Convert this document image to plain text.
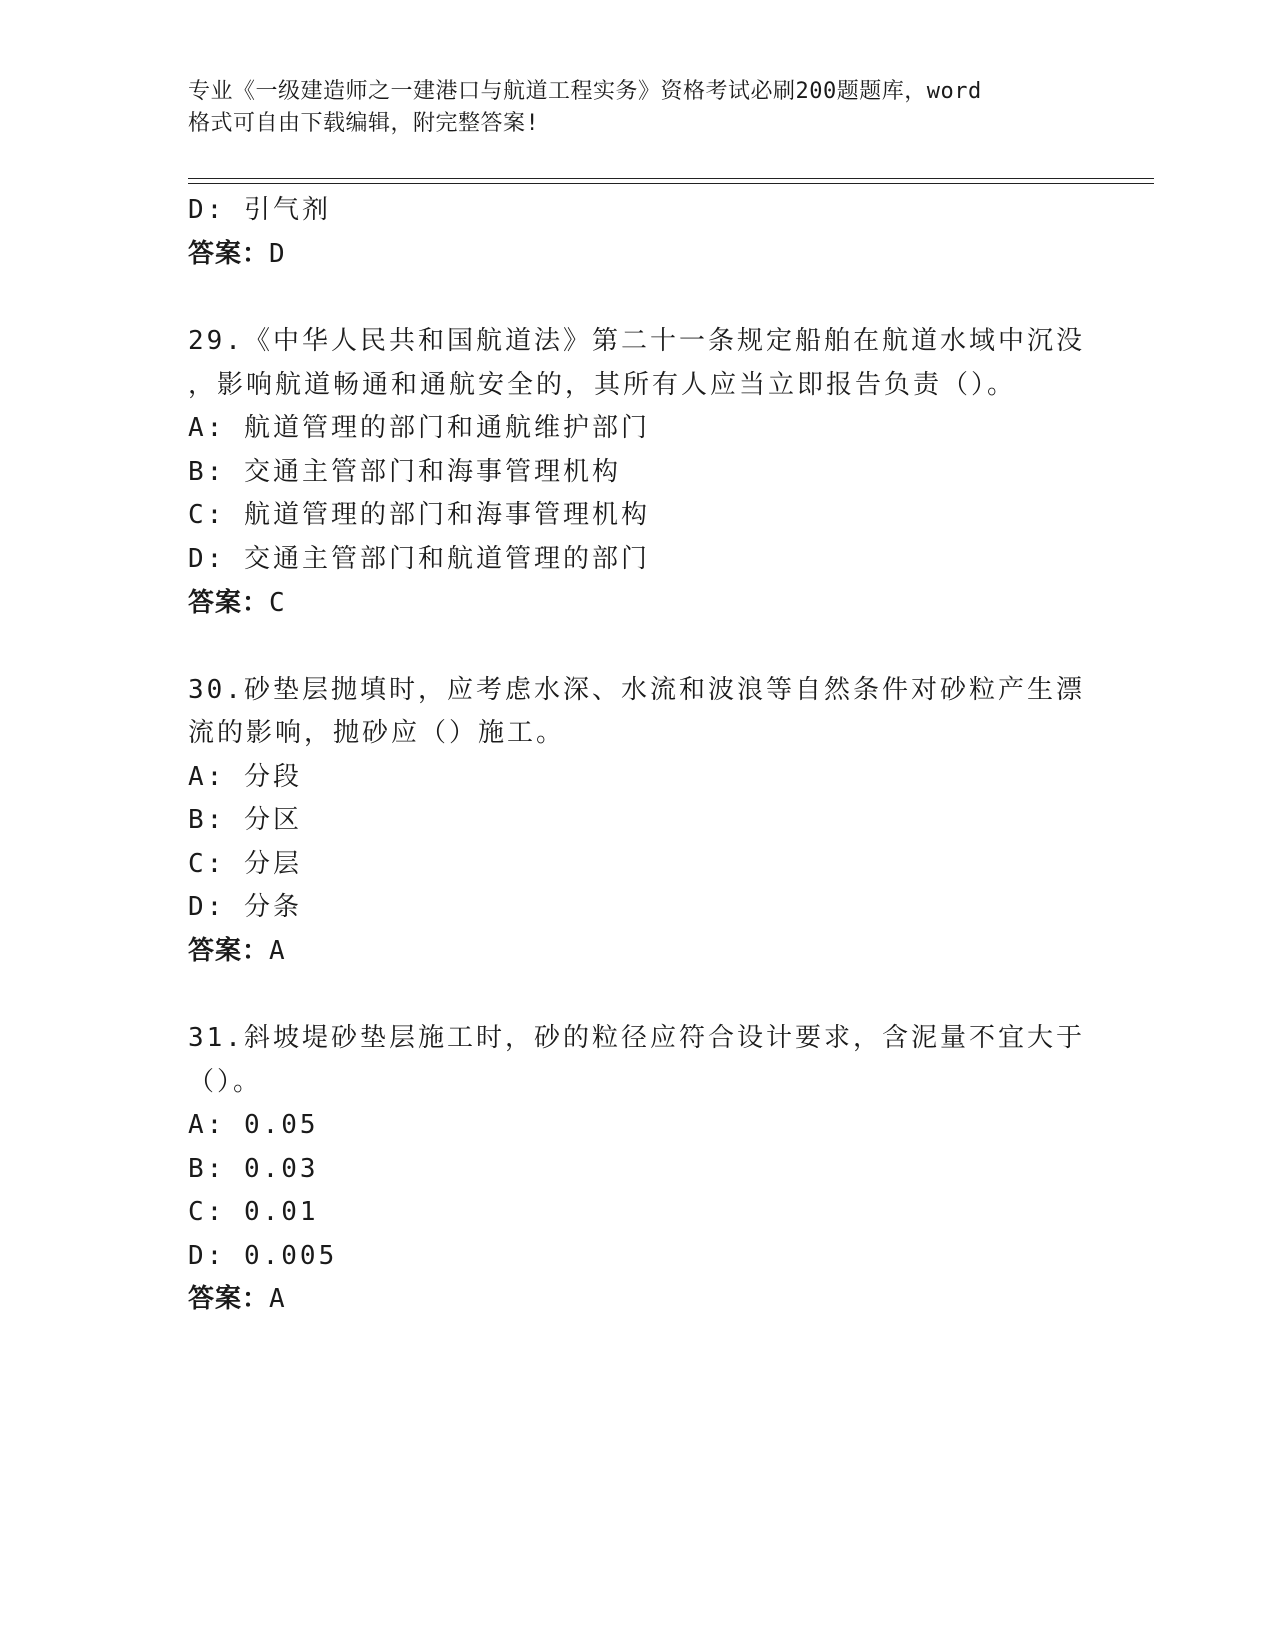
专业《一级建造师之一建港口与航道工程实务》资格考试必刷200题题库，word
格式可自由下载编辑，附完整答案!
D: 引气剂
答案：D
29.《中华人民共和国航道法》第二十一条规定船舶在航道水域中沉没
，影响航道畅通和通航安全的，其所有人应当立即报告负责（）。
A: 航道管理的部门和通航维护部门
B: 交通主管部门和海事管理机构
C: 航道管理的部门和海事管理机构
D: 交通主管部门和航道管理的部门
答案：C
30.砂垫层抛填时，应考虑水深、水流和波浪等自然条件对砂粒产生漂
流的影响，抛砂应（）施工。
A: 分段
B: 分区
C: 分层
D: 分条
答案：A
31.斜坡堤砂垫层施工时，砂的粒径应符合设计要求，含泥量不宜大于
（）。
A: 0.05
B: 0.03
C: 0.01
D: 0.005
答案：A
